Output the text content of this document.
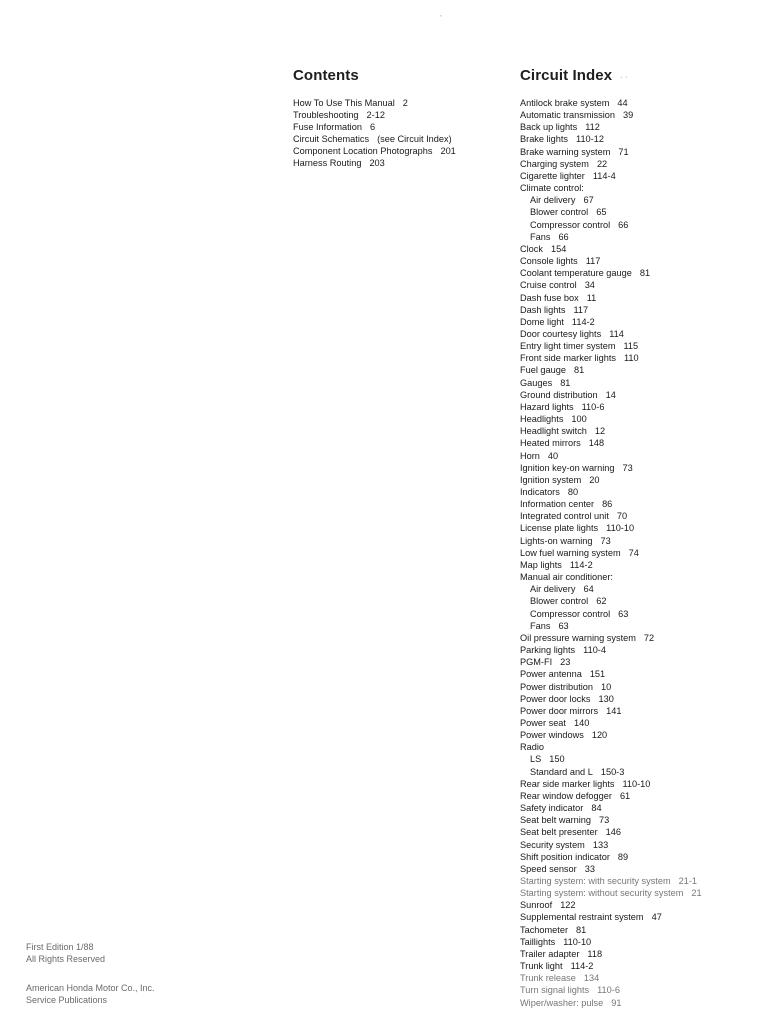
Contents
How To Use This Manual 2
Troubleshooting 2-12
Fuse Information 6
Circuit Schematics (see Circuit Index)
Component Location Photographs 201
Harness Routing 203
Circuit Index
Antilock brake system 44
Automatic transmission 39
Back up lights 112
Brake lights 110-12
Brake warning system 71
Charging system 22
Cigarette lighter 114-4
Climate control:
Air delivery 67
Blower control 65
Compressor control 66
Fans 66
Clock 154
Console lights 117
Coolant temperature gauge 81
Cruise control 34
Dash fuse box 11
Dash lights 117
Dome light 114-2
Door courtesy lights 114
Entry light timer system 115
Front side marker lights 110
Fuel gauge 81
Gauges 81
Ground distribution 14
Hazard lights 110-6
Headlights 100
Headlight switch 12
Heated mirrors 148
Horn 40
Ignition key-on warning 73
Ignition system 20
Indicators 80
Information center 86
Integrated control unit 70
License plate lights 110-10
Lights-on warning 73
Low fuel warning system 74
Map lights 114-2
Manual air conditioner:
Air delivery 64
Blower control 62
Compressor control 63
Fans 63
Oil pressure warning system 72
Parking lights 110-4
PGM-FI 23
Power antenna 151
Power distribution 10
Power door locks 130
Power door mirrors 141
Power seat 140
Power windows 120
Radio
LS 150
Standard and L 150-3
Rear side marker lights 110-10
Rear window defogger 61
Safety indicator 84
Seat belt warning 73
Seat belt presenter 146
Security system 133
Shift position indicator 89
Speed sensor 33
Starting system: with security system 21-1
Starting system: without security system 21
Sunroof 122
Supplemental restraint system 47
Tachometer 81
Taillights 110-10
Trailer adapter 118
Trunk light 114-2
Trunk release 134
Turn signal lights 110-6
Wiper/washer: pulse 91
First Edition 1/88
All Rights Reserved
American Honda Motor Co., Inc.
Service Publications
’
· ⋅
